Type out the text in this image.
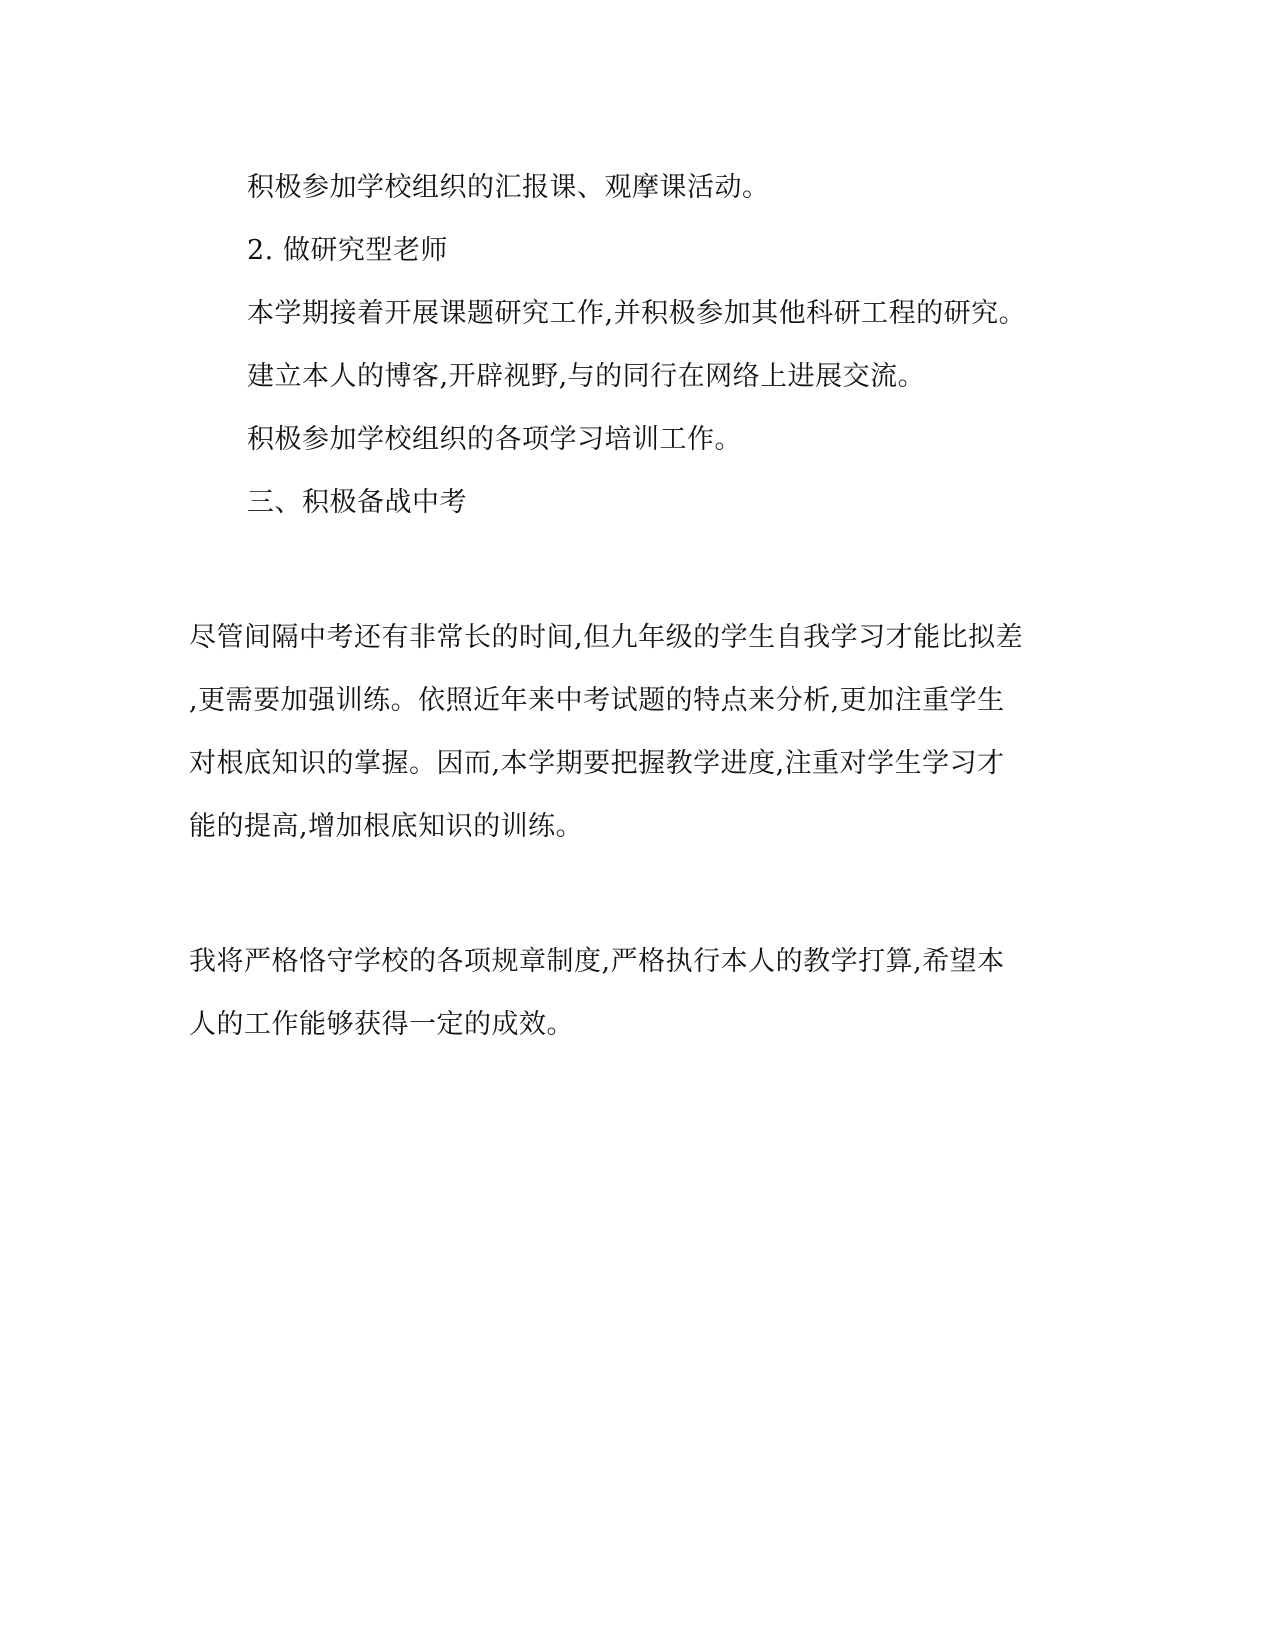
积极参加学校组织的汇报课、观摩课活动。
2. 做研究型老师
本学期接着开展课题研究工作,并积极参加其他科研工程的研究。
建立本人的博客,开辟视野,与的同行在网络上进展交流。
积极参加学校组织的各项学习培训工作。
三、积极备战中考
尽管间隔中考还有非常长的时间,但九年级的学生自我学习才能比拟差
,更需要加强训练。依照近年来中考试题的特点来分析,更加注重学生
对根底知识的掌握。因而,本学期要把握教学进度,注重对学生学习才
能的提高,增加根底知识的训练。
我将严格恪守学校的各项规章制度,严格执行本人的教学打算,希望本
人的工作能够获得一定的成效。
